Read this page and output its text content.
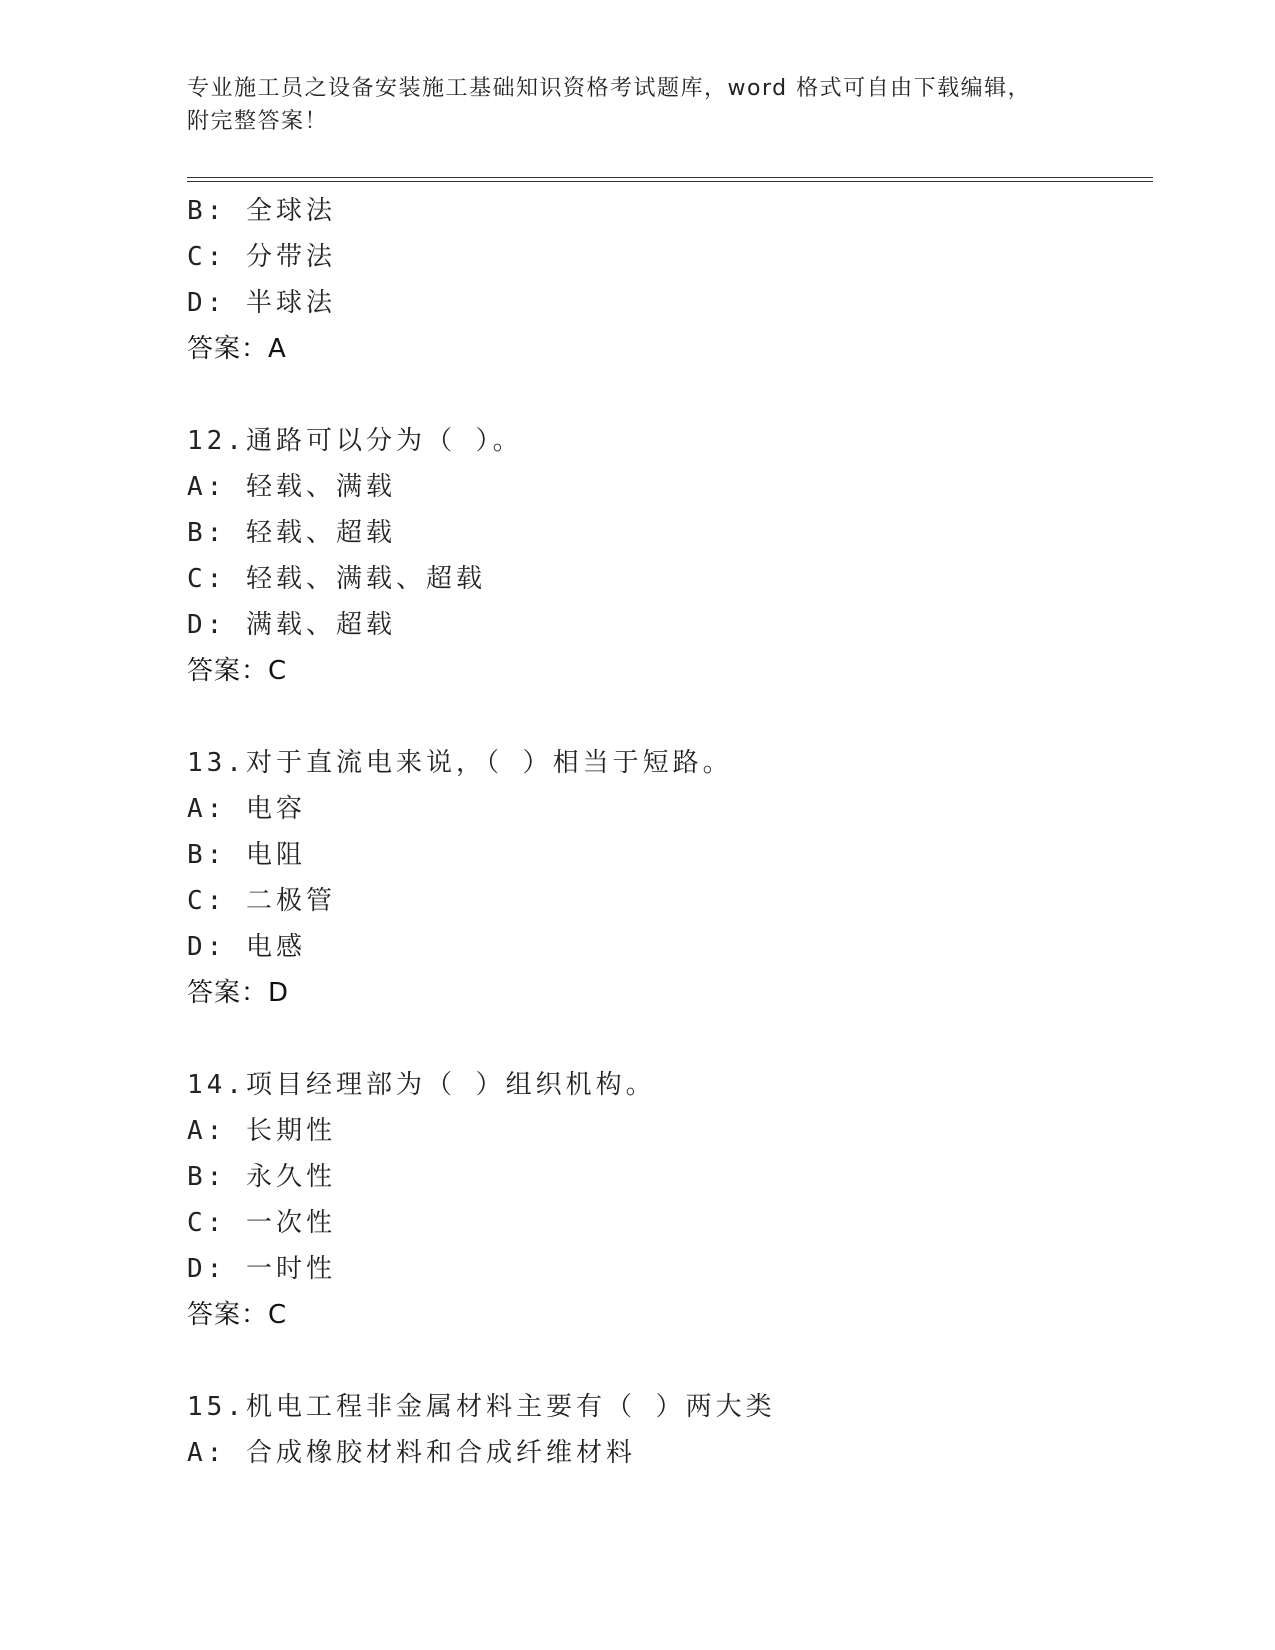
专业施工员之设备安装施工基础知识资格考试题库，word 格式可自由下载编辑，
附完整答案！
B: 全球法
C: 分带法
D: 半球法
答案：A
12.通路可以分为（ ）。
A: 轻载、满载
B: 轻载、超载
C: 轻载、满载、超载
D: 满载、超载
答案：C
13.对于直流电来说，（ ）相当于短路。
A: 电容
B: 电阻
C: 二极管
D: 电感
答案：D
14.项目经理部为（ ）组织机构。
A: 长期性
B: 永久性
C: 一次性
D: 一时性
答案：C
15.机电工程非金属材料主要有（ ）两大类
A: 合成橡胶材料和合成纤维材料
